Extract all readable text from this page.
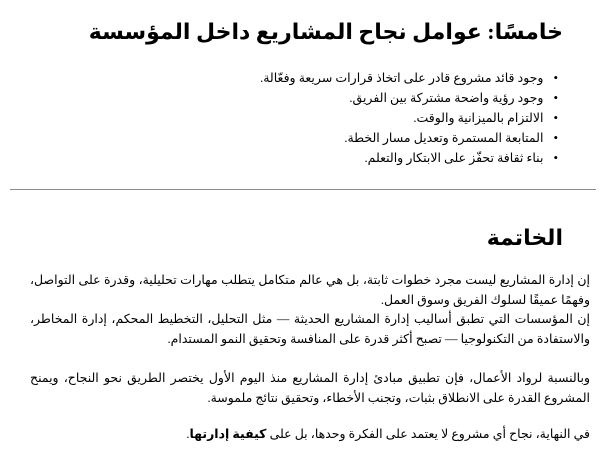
خامسًا: عوامل نجاح المشاريع داخل المؤسسة
• وجود قائد مشروع قادر على اتخاذ قرارات سريعة وفعّالة.
• وجود رؤية واضحة مشتركة بين الفريق.
• الالتزام بالميزانية والوقت.
• المتابعة المستمرة وتعديل مسار الخطة.
• بناء ثقافة تحفّز على الابتكار والتعلم.
الخاتمة

إن إدارة المشاريع ليست مجرد خطوات ثابتة، بل هي عالم متكامل يتطلب مهارات تحليلية، وقدرة على التواصل، وفهمًا عميقًا لسلوك الفريق وسوق العمل.

إن المؤسسات التي تطبق أساليب إدارة المشاريع الحديثة — مثل التحليل، التخطيط المحكم، إدارة المخاطر، والاستفادة من التكنولوجيا — تصبح أكثر قدرة على المنافسة وتحقيق النمو المستدام.

وبالنسبة لرواد الأعمال، فإن تطبيق مبادئ إدارة المشاريع منذ اليوم الأول يختصر الطريق نحو النجاح، ويمنح المشروع القدرة على الانطلاق بثبات، وتجنب الأخطاء، وتحقيق نتائج ملموسة.

في النهاية، نجاح أي مشروع لا يعتمد على الفكرة وحدها، بل على كيفية إدارتها.
